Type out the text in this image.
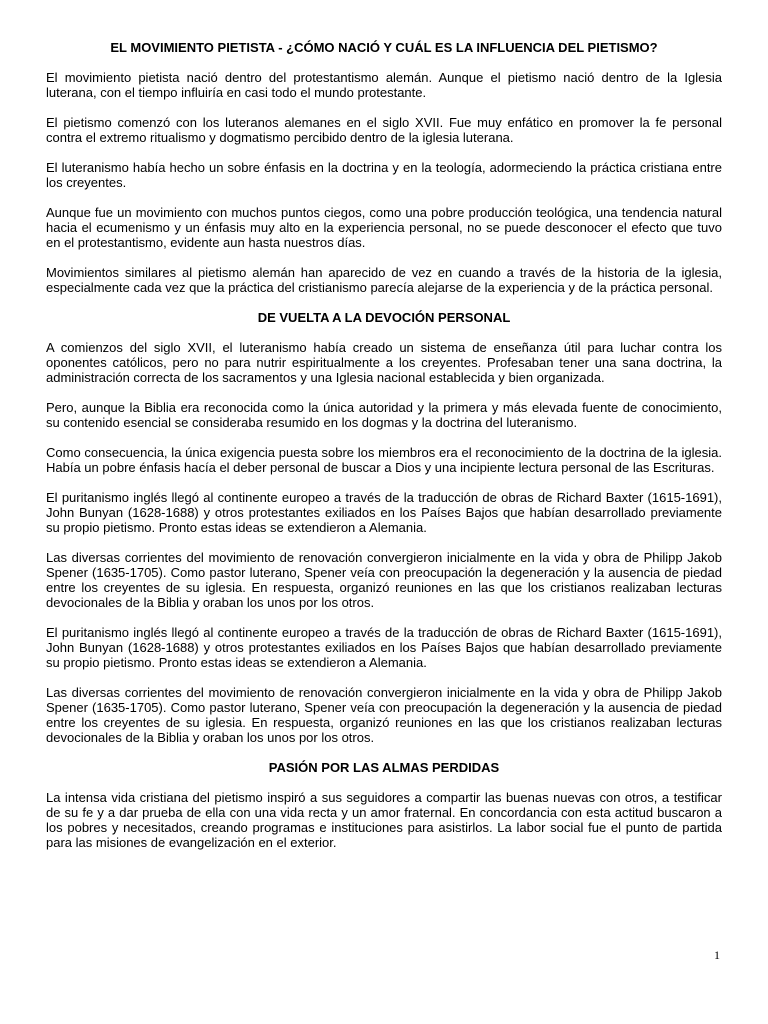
EL MOVIMIENTO PIETISTA - ¿CÓMO NACIÓ Y CUÁL ES LA INFLUENCIA DEL PIETISMO?

El movimiento pietista nació dentro del protestantismo alemán. Aunque el pietismo nació dentro de la Iglesia luterana, con el tiempo influiría en casi todo el mundo protestante.

El pietismo comenzó con los luteranos alemanes en el siglo XVII. Fue muy enfático en promover la fe personal contra el extremo ritualismo y dogmatismo percibido dentro de la iglesia luterana.

El luteranismo había hecho un sobre énfasis en la doctrina y en la teología, adormeciendo la práctica cristiana entre los creyentes.

Aunque fue un movimiento con muchos puntos ciegos, como una pobre producción teológica, una tendencia natural hacia el ecumenismo y un énfasis muy alto en la experiencia personal, no se puede desconocer el efecto que tuvo en el protestantismo, evidente aun hasta nuestros días.

Movimientos similares al pietismo alemán han aparecido de vez en cuando a través de la historia de la iglesia, especialmente cada vez que la práctica del cristianismo parecía alejarse de la experiencia y de la práctica personal.

DE VUELTA A LA DEVOCIÓN PERSONAL

A comienzos del siglo XVII, el luteranismo había creado un sistema de enseñanza útil para luchar contra los oponentes católicos, pero no para nutrir espiritualmente a los creyentes. Profesaban tener una sana doctrina, la administración correcta de los sacramentos y una Iglesia nacional establecida y bien organizada.

Pero, aunque la Biblia era reconocida como la única autoridad y la primera y más elevada fuente de conocimiento, su contenido esencial se consideraba resumido en los dogmas y la doctrina del luteranismo.

Como consecuencia, la única exigencia puesta sobre los miembros era el reconocimiento de la doctrina de la iglesia. Había un pobre énfasis hacía el deber personal de buscar a Dios y una incipiente lectura personal de las Escrituras.

El puritanismo inglés llegó al continente europeo a través de la traducción de obras de Richard Baxter (1615-1691), John Bunyan (1628-1688) y otros protestantes exiliados en los Países Bajos que habían desarrollado previamente su propio pietismo. Pronto estas ideas se extendieron a Alemania.

Las diversas corrientes del movimiento de renovación convergieron inicialmente en la vida y obra de Philipp Jakob Spener (1635-1705). Como pastor luterano, Spener veía con preocupación la degeneración y la ausencia de piedad entre los creyentes de su iglesia. En respuesta, organizó reuniones en las que los cristianos realizaban lecturas devocionales de la Biblia y oraban los unos por los otros.

El puritanismo inglés llegó al continente europeo a través de la traducción de obras de Richard Baxter (1615-1691), John Bunyan (1628-1688) y otros protestantes exiliados en los Países Bajos que habían desarrollado previamente su propio pietismo. Pronto estas ideas se extendieron a Alemania.

Las diversas corrientes del movimiento de renovación convergieron inicialmente en la vida y obra de Philipp Jakob Spener (1635-1705). Como pastor luterano, Spener veía con preocupación la degeneración y la ausencia de piedad entre los creyentes de su iglesia. En respuesta, organizó reuniones en las que los cristianos realizaban lecturas devocionales de la Biblia y oraban los unos por los otros.

PASIÓN POR LAS ALMAS PERDIDAS

La intensa vida cristiana del pietismo inspiró a sus seguidores a compartir las buenas nuevas con otros, a testificar de su fe y a dar prueba de ella con una vida recta y un amor fraternal. En concordancia con esta actitud buscaron a los pobres y necesitados, creando programas e instituciones para asistirlos. La labor social fue el punto de partida para las misiones de evangelización en el exterior.

1
